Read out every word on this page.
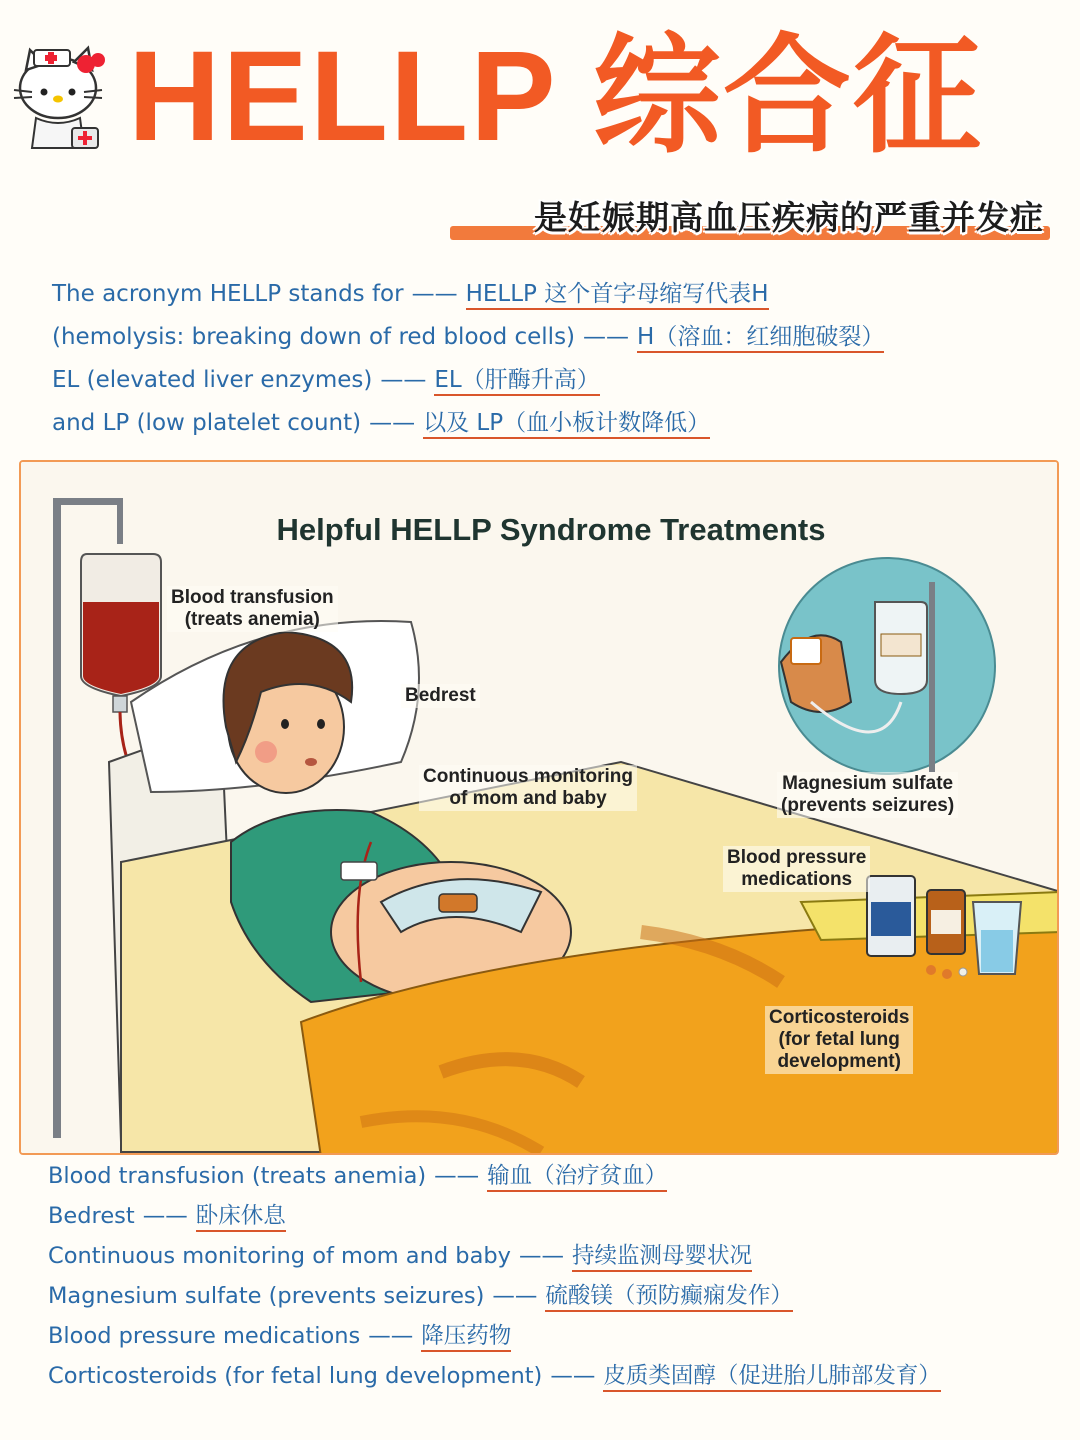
HELLP 综合征
是妊娠期高血压疾病的严重并发症
The acronym HELLP stands for —— HELLP 这个首字母缩写代表H
(hemolysis: breaking down of red blood cells) —— H（溶血：红细胞破裂）
EL (elevated liver enzymes) —— EL（肝酶升高）
and LP (low platelet count) —— 以及 LP（血小板计数降低）
Helpful HELLP Syndrome Treatments
Blood transfusion
(treats anemia)
Bedrest
Continuous monitoring
of mom and baby
Magnesium sulfate
(prevents seizures)
Blood pressure
medications
Corticosteroids
(for fetal lung
development)
Blood transfusion (treats anemia) —— 输血（治疗贫血）
Bedrest —— 卧床休息
Continuous monitoring of mom and baby —— 持续监测母婴状况
Magnesium sulfate (prevents seizures) —— 硫酸镁（预防癫痫发作）
Blood pressure medications —— 降压药物
Corticosteroids (for fetal lung development) —— 皮质类固醇（促进胎儿肺部发育）
